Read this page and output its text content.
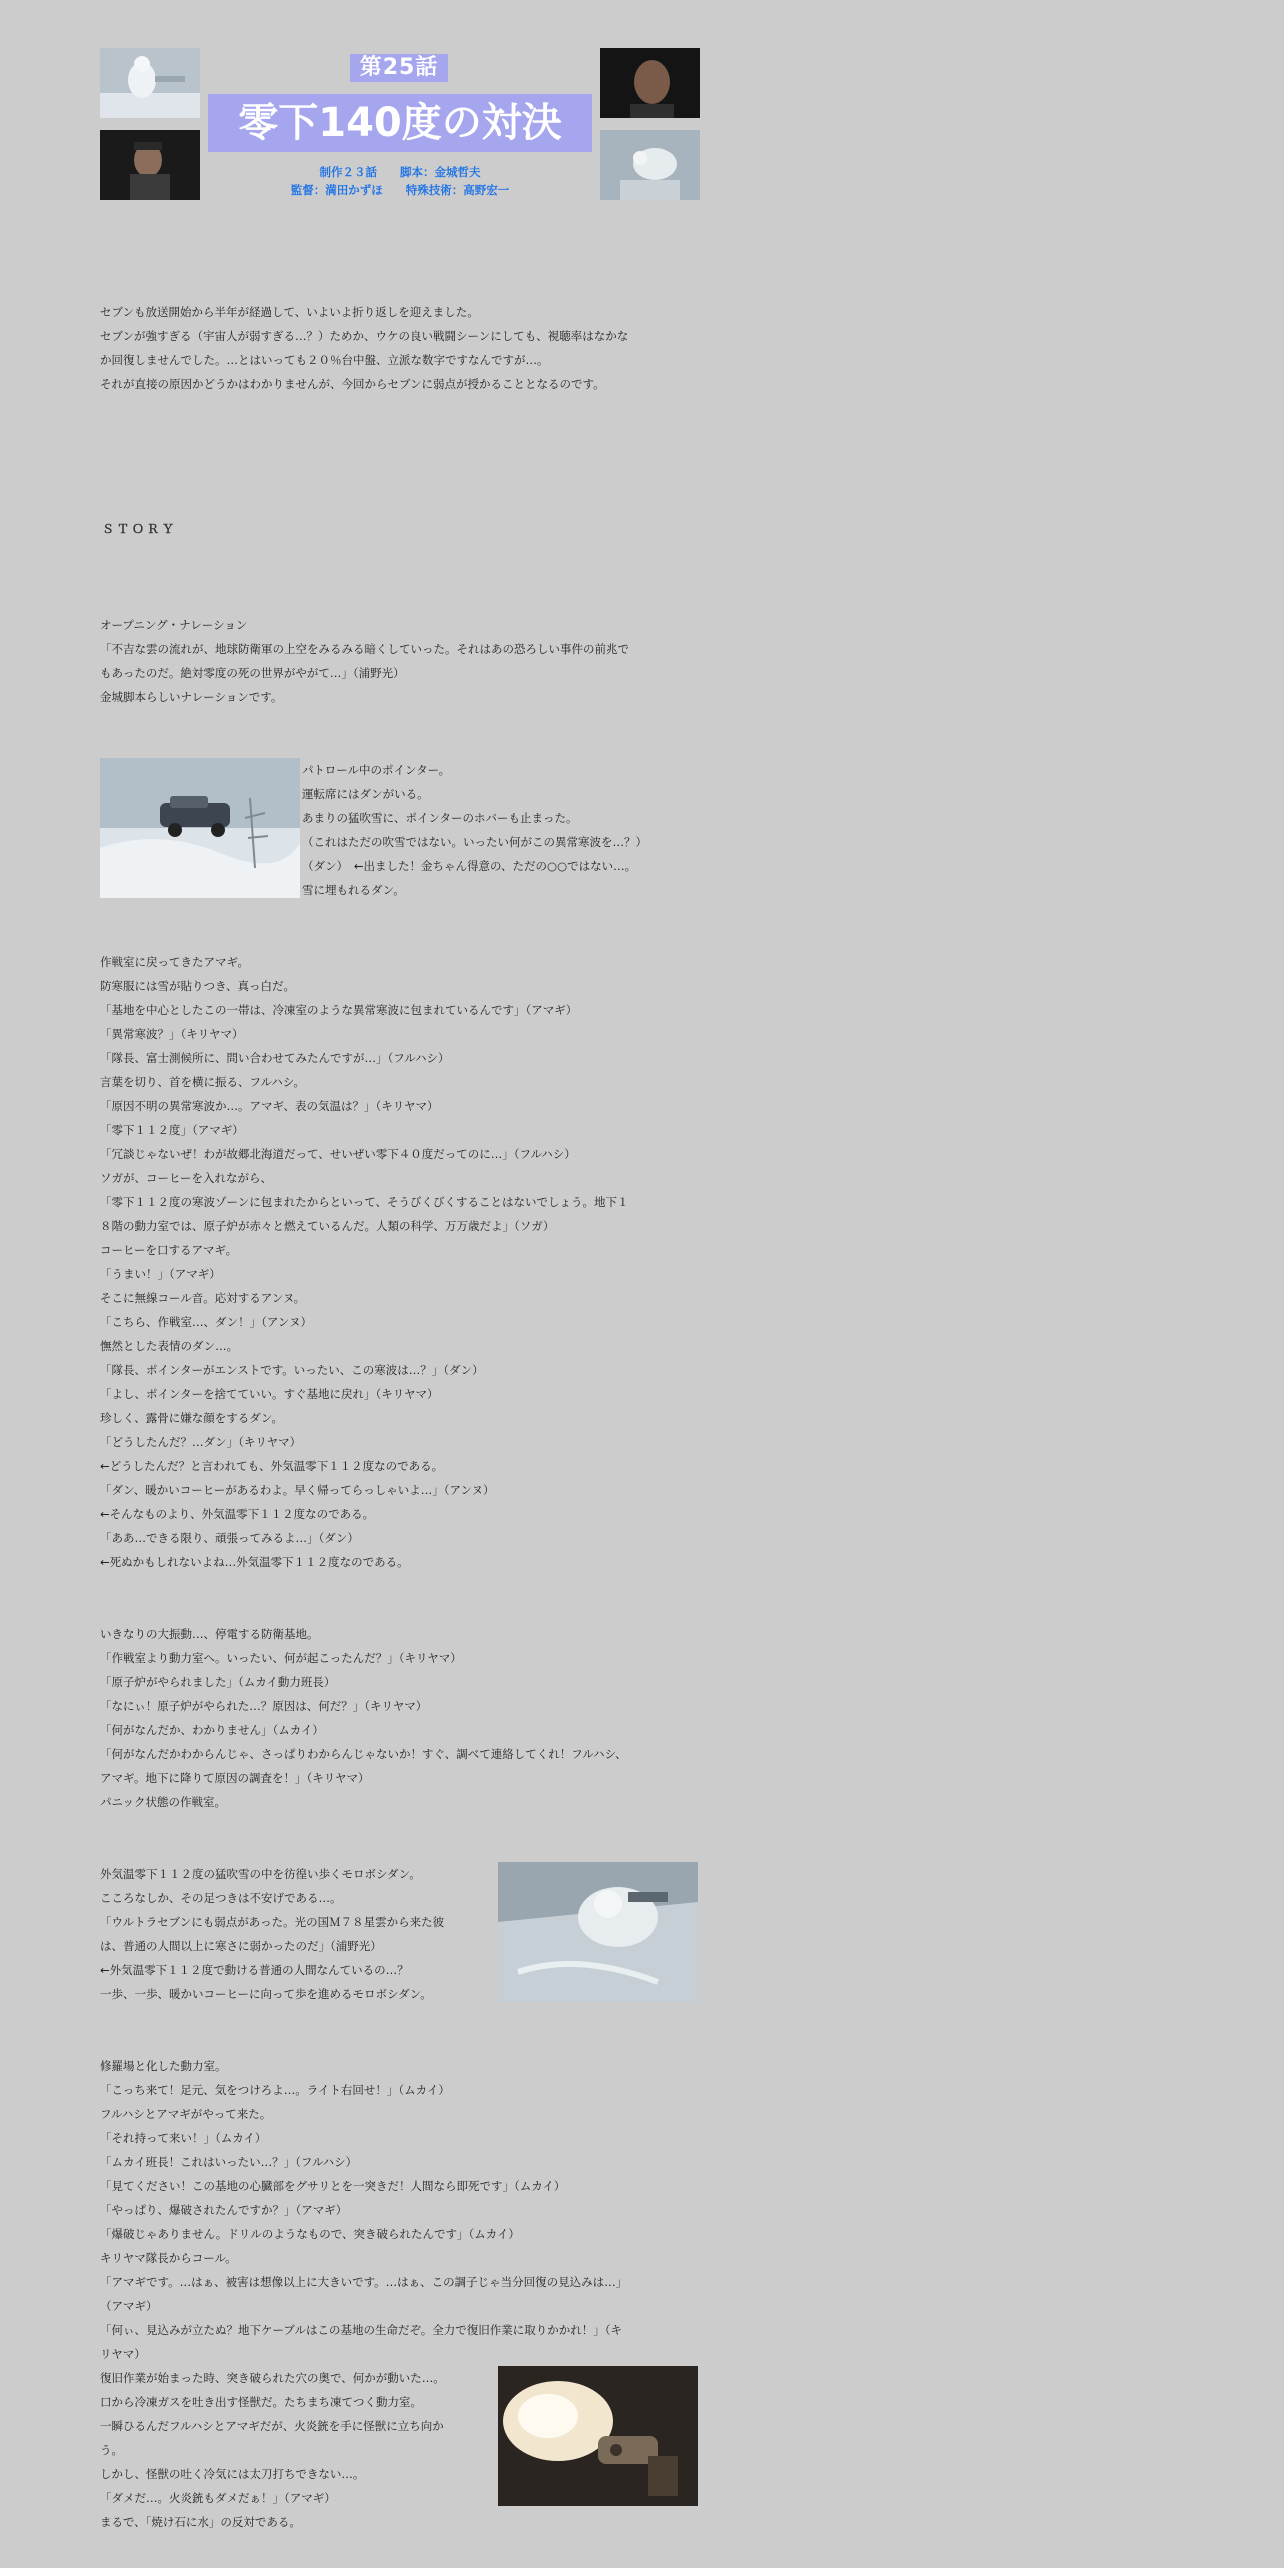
第25話
零下140度の対決
制作２３話　　脚本：金城哲夫
監督：満田かずほ　　特殊技術：高野宏一
セブンも放送開始から半年が経過して、いよいよ折り返しを迎えました。
セブンが強すぎる（宇宙人が弱すぎる…？）ためか、ウケの良い戦闘シーンにしても、視聴率はなかな
か回復しませんでした。…とはいっても２０％台中盤、立派な数字ですなんですが…。
それが直接の原因かどうかはわかりませんが、今回からセブンに弱点が授かることとなるのです。
ＳＴＯＲＹ
オープニング・ナレーション
「不吉な雲の流れが、地球防衛軍の上空をみるみる暗くしていった。それはあの恐ろしい事件の前兆で
もあったのだ。絶対零度の死の世界がやがて…」（浦野光）
金城脚本らしいナレーションです。
パトロール中のポインター。
運転席にはダンがいる。
あまりの猛吹雪に、ポインターのホバーも止まった。
（これはただの吹雪ではない。いったい何がこの異常寒波を…？）
（ダン）　←出ました！金ちゃん得意の、ただの○○ではない…。
雪に埋もれるダン。
作戦室に戻ってきたアマギ。
防寒服には雪が貼りつき、真っ白だ。
「基地を中心としたこの一帯は、冷凍室のような異常寒波に包まれているんです」（アマギ）
「異常寒波？」（キリヤマ）
「隊長、富士測候所に、問い合わせてみたんですが…」（フルハシ）
言葉を切り、首を横に振る、フルハシ。
「原因不明の異常寒波か…。アマギ、表の気温は？」（キリヤマ）
「零下１１２度」（アマギ）
「冗談じゃないぜ！わが故郷北海道だって、せいぜい零下４０度だってのに…」（フルハシ）
ソガが、コーヒーを入れながら、
「零下１１２度の寒波ゾーンに包まれたからといって、そうびくびくすることはないでしょう。地下１
８階の動力室では、原子炉が赤々と燃えているんだ。人類の科学、万万歳だよ」（ソガ）
コーヒーを口するアマギ。
「うまい！」（アマギ）
そこに無線コール音。応対するアンヌ。
「こちら、作戦室…、ダン！」（アンヌ）
憮然とした表情のダン…。
「隊長、ポインターがエンストです。いったい、この寒波は…？」（ダン）
「よし、ポインターを捨てていい。すぐ基地に戻れ」（キリヤマ）
珍しく、露骨に嫌な顔をするダン。
「どうしたんだ？…ダン」（キリヤマ）
←どうしたんだ？と言われても、外気温零下１１２度なのである。
「ダン、暖かいコーヒーがあるわよ。早く帰ってらっしゃいよ…」（アンヌ）
←そんなものより、外気温零下１１２度なのである。
「ああ…できる限り、頑張ってみるよ…」（ダン）
←死ぬかもしれないよね…外気温零下１１２度なのである。
いきなりの大振動…、停電する防衛基地。
「作戦室より動力室へ。いったい、何が起こったんだ？」（キリヤマ）
「原子炉がやられました」（ムカイ動力班長）
「なにぃ！原子炉がやられた…？原因は、何だ？」（キリヤマ）
「何がなんだか、わかりません」（ムカイ）
「何がなんだかわからんじゃ、さっぱりわからんじゃないか！すぐ、調べて連絡してくれ！フルハシ、
アマギ。地下に降りて原因の調査を！」（キリヤマ）
パニック状態の作戦室。
外気温零下１１２度の猛吹雪の中を彷徨い歩くモロボシダン。
こころなしか、その足つきは不安げである…。
「ウルトラセブンにも弱点があった。光の国Ｍ７８星雲から来た彼
は、普通の人間以上に寒さに弱かったのだ」（浦野光）
←外気温零下１１２度で動ける普通の人間なんているの…？
一歩、一歩、暖かいコーヒーに向って歩を進めるモロボシダン。
修羅場と化した動力室。
「こっち来て！足元、気をつけろよ…。ライト右回せ！」（ムカイ）
フルハシとアマギがやって来た。
「それ持って来い！」（ムカイ）
「ムカイ班長！これはいったい…？」（フルハシ）
「見てください！この基地の心臓部をグサリとを一突きだ！人間なら即死です」（ムカイ）
「やっぱり、爆破されたんですか？」（アマギ）
「爆破じゃありません。ドリルのようなもので、突き破られたんです」（ムカイ）
キリヤマ隊長からコール。
「アマギです。…はぁ、被害は想像以上に大きいです。…はぁ、この調子じゃ当分回復の見込みは…」
（アマギ）
「何ぃ、見込みが立たぬ？地下ケーブルはこの基地の生命だぞ。全力で復旧作業に取りかかれ！」（キ
リヤマ）
復旧作業が始まった時、突き破られた穴の奥で、何かが動いた…。
口から冷凍ガスを吐き出す怪獣だ。たちまち凍てつく動力室。
一瞬ひるんだフルハシとアマギだが、火炎銃を手に怪獣に立ち向か
う。
しかし、怪獣の吐く冷気には太刀打ちできない…。
「ダメだ…。火炎銃もダメだぁ！」（アマギ）
まるで、「焼け石に水」の反対である。
